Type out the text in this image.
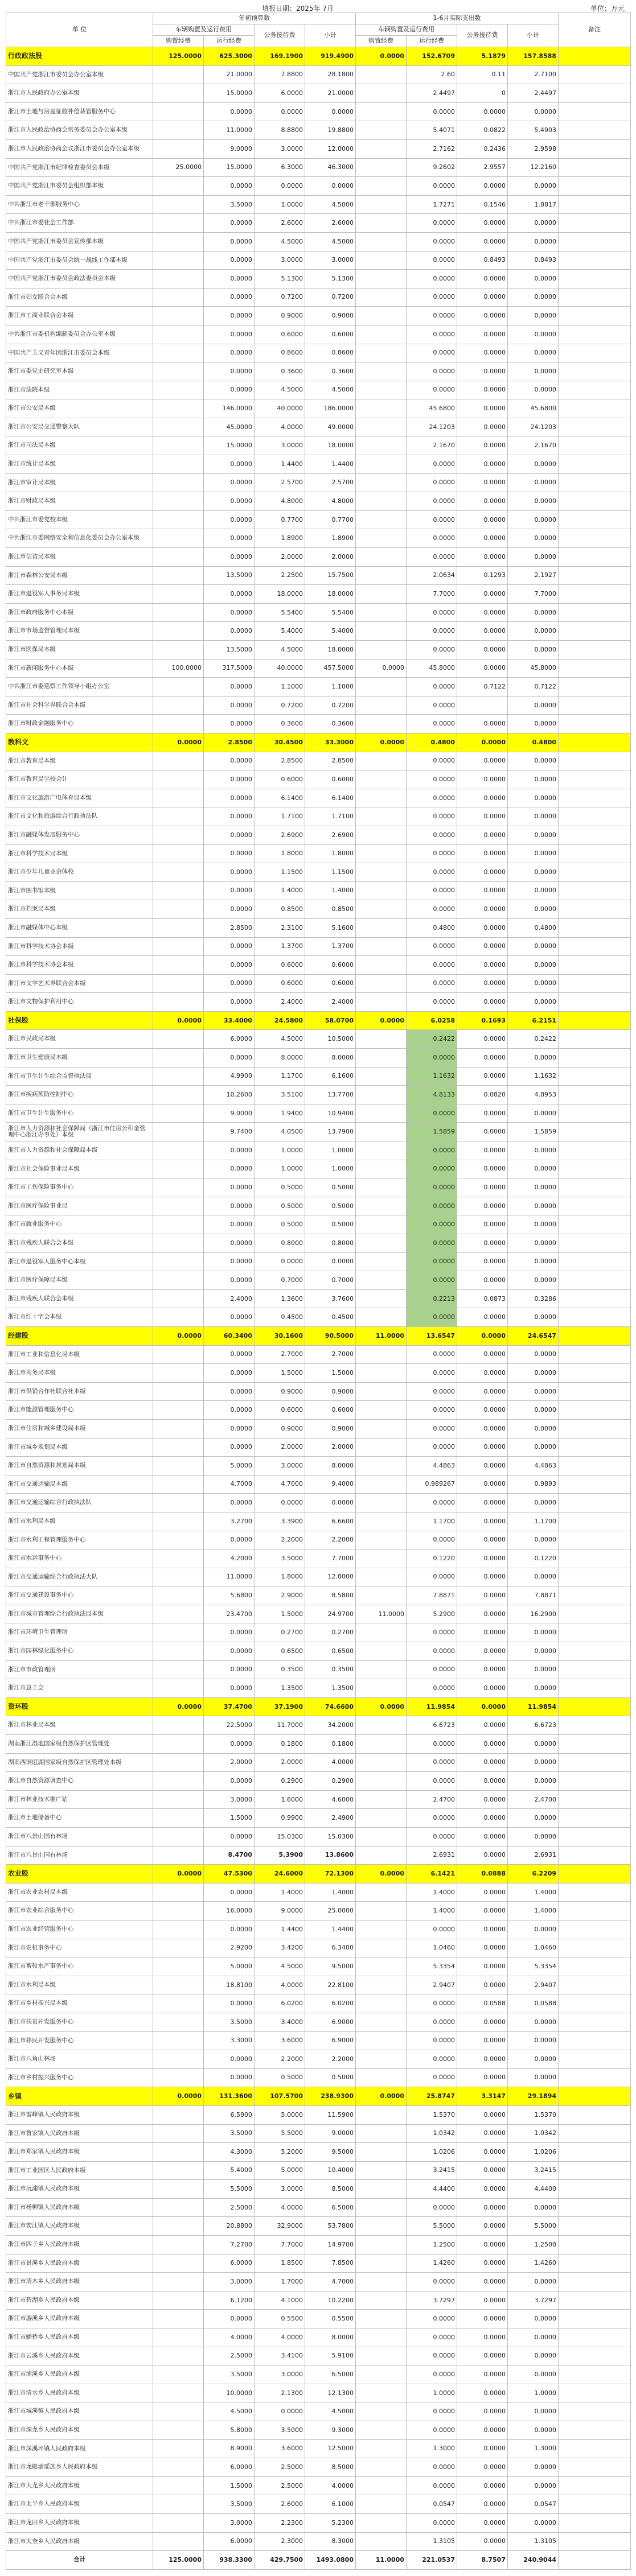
填报日期：2025年 7月	单位：万元
单 位	年初预算数				1-6月实际支出数				备注
	车辆购置及运行费用		公务接待费	小计	车辆购置及运行费用		公务接待费	小计	
	购置经费	运行经费			购置经费	运行经费			
行政政法股	125.0000	625.3000	169.1900	919.4900	0.0000	152.6709	5.1879	157.8588	
中国共产党浙江市委员会办公室本级		21.0000	7.8800	28.1800		2.60	0.11	2.7100	
浙江市人民政府办公室本级		15.0000	6.0000	21.0000		2.4497	0	2.4497	
浙江市土地与房屋征收补偿裁管服务中心		0.0000	0.0000	0.0000		0.0000	0.0000	0.0000	
浙江市人民政治协商会常务委员会办公室本级		11.0000	8.8800	19.8800		5.4071	0.0822	5.4903	
浙江市人民政治协商会议浙江市委员会办公室本级		9.0000	3.0000	12.0000		2.7162	0.2436	2.9598	
中国共产党浙江市纪律检查委员会本级	25.0000	15.0000	6.3000	46.3000		9.2602	2.9557	12.2160	
中国共产党浙江市委员会组织部本级		0.0000	0.0000	0.0000		0.0000	0.0000	0.0000	
中共浙江市老干部服务中心		3.5000	1.0000	4.5000		1.7271	0.1546	1.8817	
中共浙江市委社会工作部		0.0000	2.6000	2.6000		0.0000	0.0000	0.0000	
中国共产党浙江市委员会宣传部本级		0.0000	4.5000	4.5000		0.0000	0.0000	0.0000	
中国共产党浙江市委员会统一战线工作部本级		0.0000	3.0000	3.0000		0.0000	0.8493	0.8493	
中国共产党浙江市委员会政法委员会本级		0.0000	5.1300	5.1300		0.0000	0.0000	0.0000	
浙江市妇女联合会本级		0.0000	0.7200	0.7200		0.0000	0.0000	0.0000	
浙江市工商业联合会本级		0.0000	0.9000	0.9000		0.0000	0.0000	0.0000	
中共浙江市委机构编制委员会办公室本级		0.0000	0.6000	0.6000		0.0000	0.0000	0.0000	
中国共产主义青年团浙江市委员会本级		0.0000	0.8600	0.8600		0.0000	0.0000	0.0000	
浙江市委党史研究室本级		0.0000	0.3600	0.3600		0.0000	0.0000	0.0000	
浙江市法院本级		0.0000	4.5000	4.5000		0.0000	0.0000	0.0000	
浙江市公安局本级		146.0000	40.0000	186.0000		45.6800	0.0000	45.6800	
浙江市公安局交通警察大队		45.0000	4.0000	49.0000		24.1203	0.0000	24.1203	
浙江市司法局本级		15.0000	3.0000	18.0000		2.1670	0.0000	2.1670	
浙江市统计局本级		0.0000	1.4400	1.4400		0.0000	0.0000	0.0000	
浙江市审计局本级		0.0000	2.5700	2.5700		0.0000	0.0000	0.0000	
浙江市财政局本级		0.0000	4.8000	4.8000		0.0000	0.0000	0.0000	
中共浙江市委党校本级		0.0000	0.7700	0.7700		0.0000	0.0000	0.0000	
中共浙江市委网络安全和信息化委员会办公室本级		0.0000	1.8900	1.8900		0.0000	0.0000	0.0000	
浙江市信访局本级		0.0000	2.0000	2.0000		0.0000	0.0000	0.0000	
浙江市森林公安局本级		13.5000	2.2500	15.7500		2.0634	0.1293	2.1927	
浙江市退役军人事务局本级		0.0000	18.0000	18.0000		7.7000	0.0000	7.7000	
浙江市政府服务中心本级		0.0000	5.5400	5.5400		0.0000	0.0000	0.0000	
浙江市市场监督管理局本级		0.0000	5.4000	5.4000		0.0000	0.0000	0.0000	
浙江市医保局本级		13.5000	4.5000	18.0000		0.0000	0.0000	0.0000	
浙江市新闻服务中心本级	100.0000	317.5000	40.0000	457.5000	0.0000	45.8000	0.0000	45.8000	
中共浙江市委巡察工作领导小组办公室		0.0000	1.1000	1.1000		0.0000	0.7122	0.7122	
浙江市社会科学界联合会本级		0.0000	0.7200	0.7200		0.0000		0.0000	
浙江市财政金融服务中心		0.0000	0.3600	0.3600		0.0000	0.0000	0.0000	
教科文	0.0000	2.8500	30.4500	33.3000	0.0000	0.4800	0.0000	0.4800	
浙江市教育局本级		0.0000	2.8500	2.8500		0.0000	0.0000	0.0000	
浙江市教育局学校会计		0.0000	0.6000	0.6000		0.0000	0.0000	0.0000	
浙江市文化旅游广电体育局本级		0.0000	6.1400	6.1400		0.0000	0.0000	0.0000	
浙江市文化和旅游综合行政执法队		0.0000	1.7100	1.7100		0.0000	0.0000	0.0000	
浙江市融媒体发展服务中心		0.0000	2.6900	2.6900		0.0000	0.0000	0.0000	
浙江市科学技术局本级		0.0000	1.8000	1.8000		0.0000	0.0000	0.0000	
浙江市少年儿童业余体校		0.0000	1.1500	1.1500		0.0000	0.0000	0.0000	
浙江市图书馆本级		0.0000	1.4000	1.4000		0.0000	0.0000	0.0000	
浙江市档案局本级		0.0000	0.8500	0.8500		0.0000	0.0000	0.0000	
浙江市融媒体中心本级		2.8500	2.3100	5.1600		0.4800	0.0000	0.4800	
浙江市科学技术协会本级		0.0000	1.3700	1.3700		0.0000	0.0000	0.0000	
浙江市科学技术协会本级		0.0000	0.6000	0.6000		0.0000	0.0000	0.0000	
浙江市文学艺术界联合会本级		0.0000	0.6000	0.6000		0.0000	0.0000	0.0000	
浙江市文物保护利用中心		0.0000	2.4000	2.4000		0.0000	0.0000	0.0000	
社保股	0.0000	33.4000	24.5800	58.0700	0.0000	6.0258	0.1693	6.2151	
浙江市民政局本级		6.0000	4.5000	10.5000		0.2422	0.0000	0.2422	
浙江市卫生健康局本级		0.0000	8.0000	8.0000		0.0000	0.0000	0.0000	
浙江市卫生计生综合监督执法局		4.9900	1.1700	6.1600		1.1632	0.0000	1.1632	
浙江市疾病预防控制中心		10.2600	3.5100	13.7700		4.8133	0.0820	4.8953	
浙江市卫生计生服务中心		9.0000	1.9400	10.9400		0.0000	0.0000	0.0000	
浙江市人力资源和社会保障局（浙江市住房公积金管理中心浙江办事处）本级		9.7400	4.0500	13.7900		1.5859	0.0000	1.5859	
浙江市人力资源和社会保障局本级		0.0000	1.0000	1.0000		0.0000	0.0000	0.0000	
浙江市社会保险事业局本级		0.0000	1.0000	1.0000		0.0000	0.0000	0.0000	
浙江市工伤保险事务中心		0.0000	0.5000	0.5000		0.0000	0.0000	0.0000	
浙江市医疗保险事业局		0.0000	0.5000	0.5000		0.0000	0.0000	0.0000	
浙江市就业服务中心		0.0000	0.5000	0.5000		0.0000	0.0000	0.0000	
浙江市残疾人联合会本级		0.0000	0.8000	0.8000		0.0000	0.0000	0.0000	
浙江市退役军人服务中心本级		0.0000	0.0000	0.0000		0.0000	0.0000	0.0000	
浙江市医疗保障局本级		0.0000	0.7000	0.7000		0.0000	0.0000	0.0000	
浙江市残疾人联合会本级		2.4000	1.3600	3.7600		0.2213	0.0873	0.3286	
浙江市红十字会本级		0.0000	0.4500	0.4500		0.0000	0.0000	0.0000	
经建股	0.0000	60.3400	30.1600	90.5000	11.0000	13.6547	0.0000	24.6547	
浙江市工业和信息化局本级		0.0000	2.7000	2.7000		0.0000	0.0000	0.0000	
浙江市商务局本级		0.0000	1.5000	1.5000		0.0000	0.0000	0.0000	
浙江市供销合作社联合社本级		0.0000	0.9000	0.9000		0.0000	0.0000	0.0000	
浙江市能源管理服务中心		0.0000	0.6000	0.6000		0.0000	0.0000	0.0000	
浙江市住房和城乡建设局本级		0.0000	0.9000	0.9000		0.0000	0.0000	0.0000	
浙江市城乡规划局本级		0.0000	2.0000	2.0000		0.0000	0.0000	0.0000	
浙江市自然资源和规划局本级		5.0000	3.0000	8.0000		4.4863	0.0000	4.4863	
浙江市交通运输局本级		4.7000	4.7000	9.4000		0.989267	0.0000	0.9893	
浙江市交通运输综合行政执法队		0.0000	0.0000	0.0000		0.0000	0.0000	0.0000	
浙江市水利局本级		3.2700	3.3900	6.6600		1.1700	0.0000	1.1700	
浙江市水利工程管理服务中心		0.0000	2.2000	2.2000		0.0000	0.0000	0.0000	
浙江市水运事务中心		4.2000	3.5000	7.7000		0.1220	0.0000	0.1220	
浙江市交通运输综合行政执法大队		11.0000	1.8000	12.8000		0.0000	0.0000	0.0000	
浙江市交通建设事务中心		5.6800	2.9000	8.5800		7.8871	0.0000	7.8871	
浙江市城市管理综合行政执法局本级		23.4700	1.5000	24.9700	11.0000	5.2900	0.0000	16.2900	
浙江市环境卫生管理所		0.0000	0.2700	0.2700		0.0000	0.0000	0.0000	
浙江市园林绿化服务中心		0.0000	0.6500	0.6500		0.0000	0.0000	0.0000	
浙江市市政管理所		0.0000	0.3500	0.3500		0.0000	0.0000	0.0000	
浙江市总工会		0.0000	1.3500	1.3500		0.0000	0.0000	0.0000	
资环股	0.0000	37.4700	37.1900	74.6600	0.0000	11.9854	0.0000	11.9854	
浙江市林业局本级		22.5000	11.7000	34.2000		6.6723	0.0000	6.6723	
湖南浙江湿地国家级自然保护区管理处		0.0000	0.1800	0.1800		0.0000	0.0000	0.0000	
湖南西洞庭湖国家级自然保护区管理处本级		2.0000	2.0000	4.0000		0.0000	0.0000	0.0000	
浙江市自然资源调查中心		0.0000	0.2900	0.2900		0.0000	0.0000	0.0000	
浙江市林业技术推广站		3.0000	1.6000	4.6000		2.4700	0.0000	2.4700	
浙江市土地储备中心		1.5000	0.9900	2.4900		0.0000	0.0000	0.0000	
浙江市八景山国有林场		0.0000	15.0300	15.0300		0.0000	0.0000	0.0000	
浙江市八景山国有林场		8.4700	5.3900	13.8600		2.6931	0.0000	2.6931	
农业股	0.0000	47.5300	24.6000	72.1300	0.0000	6.1421	0.0888	6.2209	
浙江市农业农村局本级		0.0000	1.4000	1.4000		1.4000	0.0000	1.4000	
浙江市农业综合服务中心		16.0000	9.0000	25.0000		1.4000	0.0000	1.4000	
浙江市农业经营服务中心		0.0000	1.4400	1.4400		0.0000	0.0000	0.0000	
浙江市农机事务中心		2.9200	3.4200	6.3400		1.0460	0.0000	1.0460	
浙江市畜牧水产事务中心		5.0000	4.5000	9.5000		5.3354	0.0000	5.3354	
浙江市水利局本级		18.8100	4.0000	22.8100		2.9407	0.0000	2.9407	
浙江市乡村振兴局本级		0.0000	6.0200	6.0200		0.0000	0.0588	0.0588	
浙江市扶贫开发服务中心		3.5000	3.4000	6.9000		0.0000	0.0000	0.0000	
浙江市移民开发服务中心		3.3000	3.6000	6.9000		0.0000	0.0000	0.0000	
浙江市八角山林场		0.0000	2.2000	2.2000		0.0000	0.0000	0.0000	
浙江市乡村振兴服务中心		0.0000	0.5000	0.5000		0.0000	0.0000	0.0000	
乡镇	0.0000	131.3600	107.5700	238.9300	0.0000	25.8747	3.3147	29.1894	
浙江市雷峰镇人民政府本级		6.5900	5.0000	11.5900		1.5370	0.0000	1.5370	
浙江市鲁家镇人民政府本级		3.5000	5.5000	9.0000		1.0342	0.0000	1.0342	
浙江市郑家镇人民政府本级		4.3000	5.2000	9.5000		1.0206	0.0000	1.0206	
浙江市工业园区人民政府本级		5.4000	5.0000	10.4000		3.2415	0.0000	3.2415	
浙江市沅浦镇人民政府本级		5.5000	3.0000	8.5000		4.4400	0.0000	4.4400	
浙江市杨柳镇人民政府本级		2.5000	4.0000	6.5000		0.0000	0.0000	0.0000	
浙江市安江镇人民政府本级		20.8800	32.9000	53.7800		5.5000	0.0000	5.5000	
浙江市四子乡人民政府本级		7.2700	7.7000	14.9700		1.2500	0.0000	1.2500	
浙江市景溪乡人民政府本级		6.0000	1.8500	7.8500		1.4260	0.0000	1.4260	
浙江市清木乡人民政府本级		3.0000	1.7000	4.7000		0.0000	0.0000	0.0000	
浙江市碧湖乡人民政府本级		6.1200	4.1000	10.2200		3.7297	0.0000	3.7297	
浙江市游溪乡人民政府本级		0.0000	0.5500	0.5500		0.0000	0.0000	0.0000	
浙江市蟠桥乡人民政府本级		4.0000	4.0000	8.0000		0.0000	0.0000	0.0000	
浙江市云溪乡人民政府本级		2.5000	3.4100	5.9100		0.0000	0.0000	0.0000	
浙江市浦溪乡人民政府本级		3.5000	3.0000	6.5000		0.0000	0.0000	0.0000	
浙江市清水乡人民政府本级		10.0000	2.1300	12.1300		1.0000	0.0000	1.0000	
浙江市城溪镇人民政府本级		4.5000	0.0000	4.5000		0.0000	0.0000	0.0000	
浙江市深龙乡人民政府本级		5.8000	3.5000	9.3000		0.0000	0.0000	0.0000	
浙江市深溪坪镇人民政府本级		8.9000	3.6000	12.5000		1.3000	0.0000	1.3000	
浙江市龙船塘瑶族乡人民政府本级		6.0000	2.5000	8.5000		0.0000	0.0000	0.0000	
浙江市大龙乡人民政府本级		1.5000	2.5000	4.0000		0.0000	0.0000	0.0000	
浙江市太平乡人民政府本级		3.5000	2.6000	6.1000		0.0547	0.0000	0.0547	
浙江市龙田乡人民政府本级		3.0000	2.2300	5.2300		0.0000	0.0000	0.0000	
浙江市大奎乡人民政府本级		6.0000	2.3000	8.3000		1.3105	0.0000	1.3105	
合计	125.0000	938.3300	429.7500	1493.0800	11.0000	221.0537	8.7507	240.9044	
